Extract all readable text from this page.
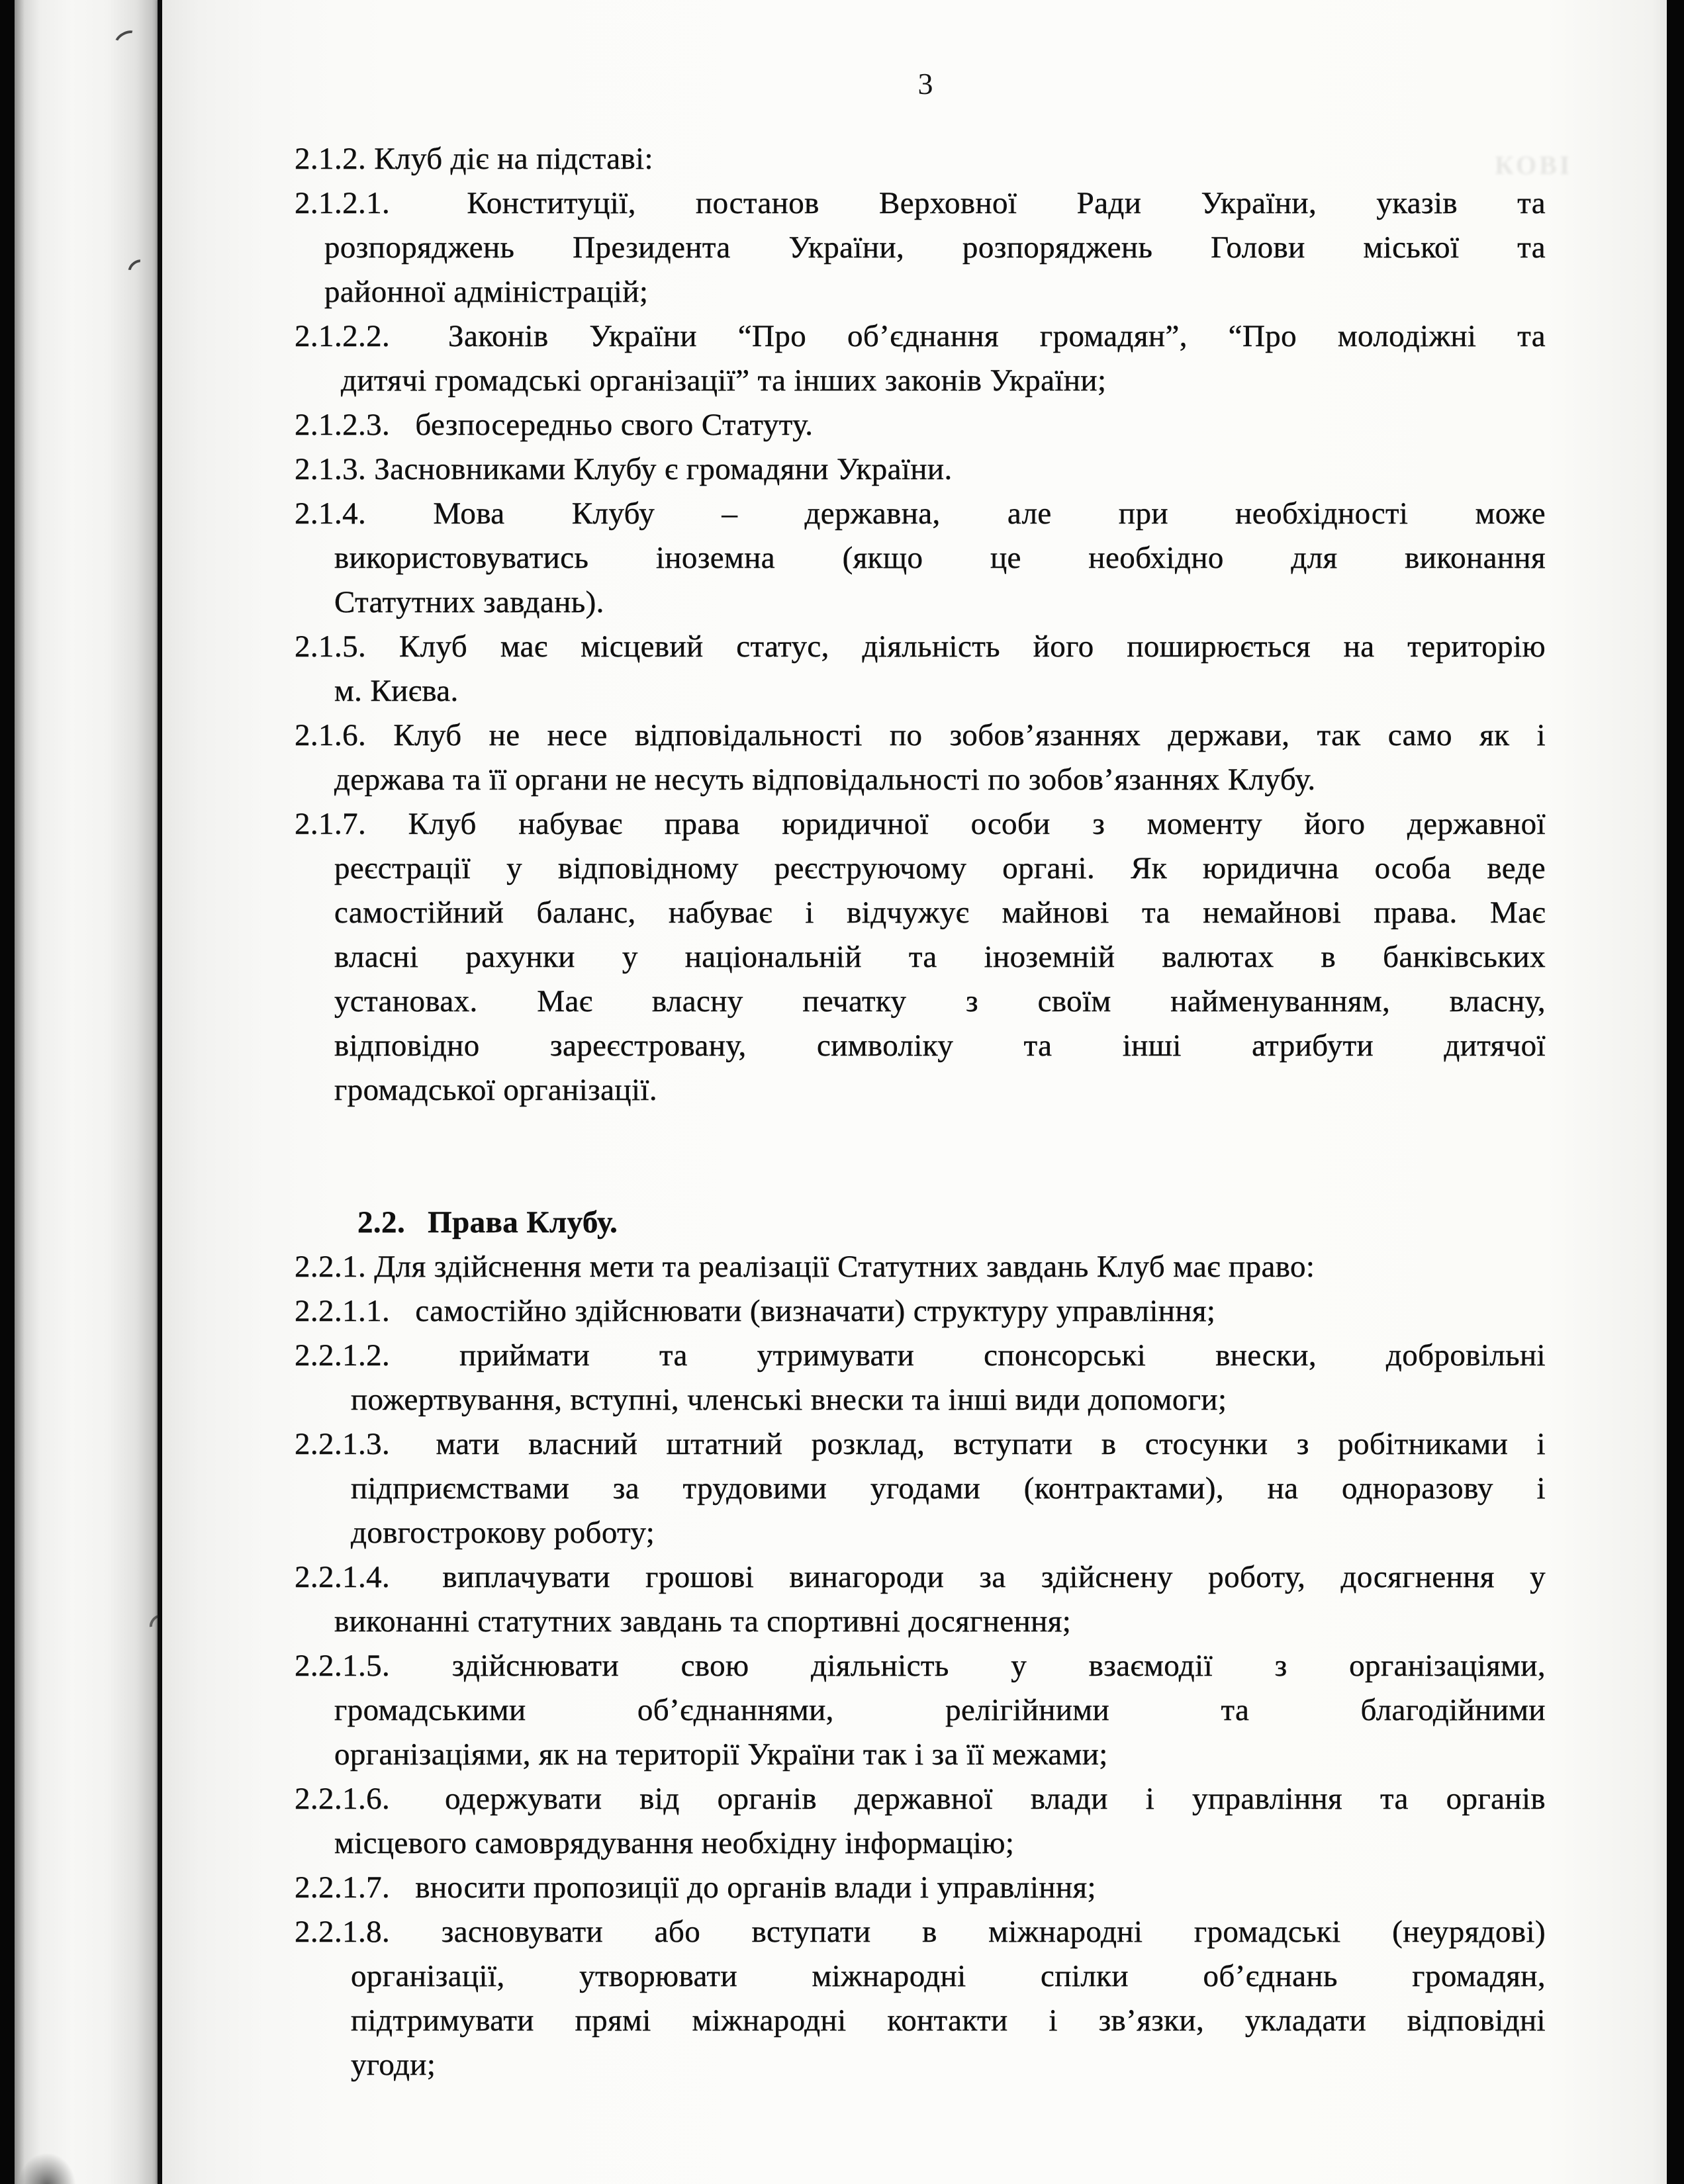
КОВІ
3
2.1.2. Клуб діє на підставі:
2.1.2.1. Конституції, постанов Верховної Ради України, указів та
розпоряджень Президента України, розпоряджень Голови міської та
районної адміністрацій;
2.1.2.2. Законів України “Про об’єднання громадян”, “Про молодіжні та
дитячі громадські організації” та інших законів України;
2.1.2.3. безпосередньо свого Статуту.
2.1.3. Засновниками Клубу є громадяни України.
2.1.4. Мова Клубу – державна, але при необхідності може
використовуватись іноземна (якщо це необхідно для виконання
Статутних завдань).
2.1.5. Клуб має місцевий статус, діяльність його поширюється на територію
м. Києва.
2.1.6. Клуб не несе відповідальності по зобов’язаннях держави, так само як і
держава та її органи не несуть відповідальності по зобов’язаннях Клубу.
2.1.7. Клуб набуває права юридичної особи з моменту його державної
реєстрації у відповідному реєструючому органі. Як юридична особа веде
самостійний баланс, набуває і відчужує майнові та немайнові права. Має
власні рахунки у національній та іноземній валютах в банківських
установах. Має власну печатку з своїм найменуванням, власну,
відповідно зареєстровану, символіку та інші атрибути дитячої
громадської організації.
2.2. Права Клубу.
2.2.1. Для здійснення мети та реалізації Статутних завдань Клуб має право:
2.2.1.1. самостійно здійснювати (визначати) структуру управління;
2.2.1.2. приймати та утримувати спонсорські внески, добровільні
пожертвування, вступні, членські внески та інші види допомоги;
2.2.1.3. мати власний штатний розклад, вступати в стосунки з робітниками і
підприємствами за трудовими угодами (контрактами), на одноразову і
довгострокову роботу;
2.2.1.4. виплачувати грошові винагороди за здійснену роботу, досягнення у
виконанні статутних завдань та спортивні досягнення;
2.2.1.5. здійснювати свою діяльність у взаємодії з організаціями,
громадськими об’єднаннями, релігійними та благодійними
організаціями, як на території України так і за її межами;
2.2.1.6. одержувати від органів державної влади і управління та органів
місцевого самоврядування необхідну інформацію;
2.2.1.7. вносити пропозиції до органів влади і управління;
2.2.1.8. засновувати або вступати в міжнародні громадські (неурядові)
організації, утворювати міжнародні спілки об’єднань громадян,
підтримувати прямі міжнародні контакти і зв’язки, укладати відповідні
угоди;
